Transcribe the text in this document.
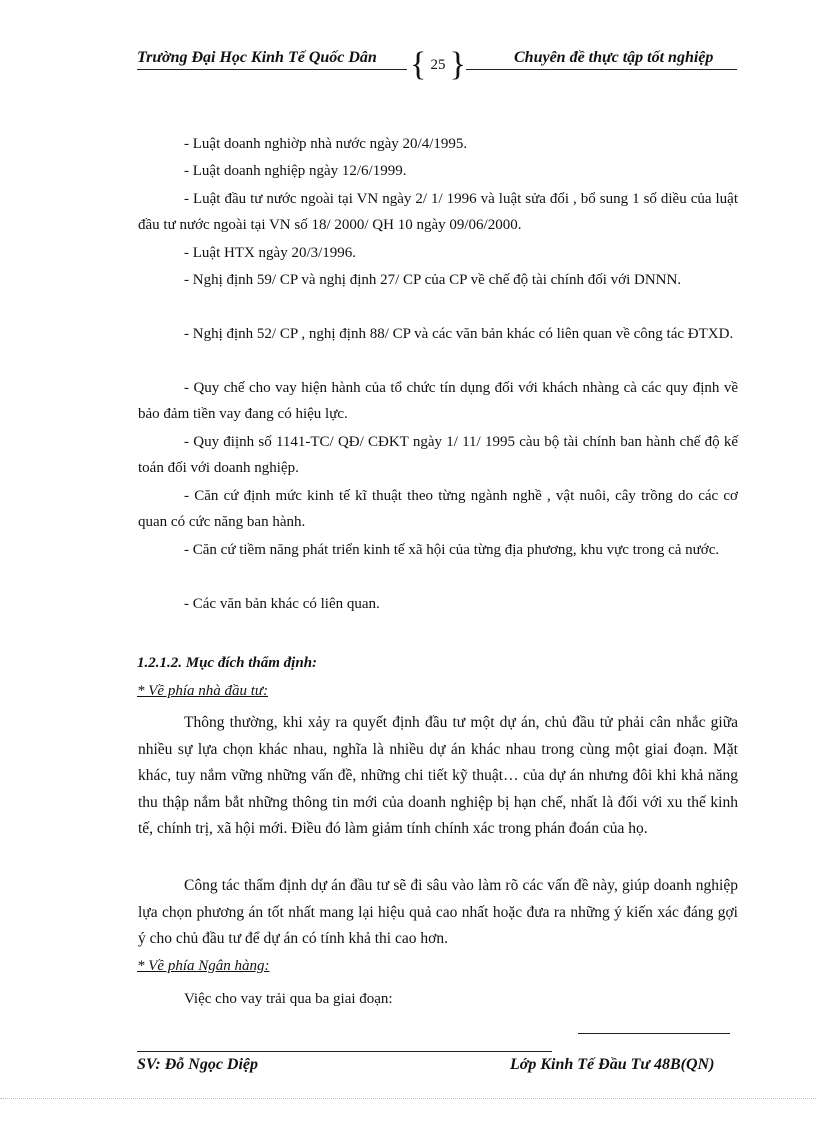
Trường Đại Học Kinh Tế Quốc Dân { 25 }	Chuyên đề thực tập tốt nghiệp
- Luật doanh nghiờp nhà nước ngày 20/4/1995.
- Luật doanh nghiệp ngày 12/6/1999.
- Luật đầu tư nước ngoài tại VN ngày 2/ 1/ 1996 và luật sửa đổi , bổ sung 1 số diều của luật đầu tư nước ngoài tại VN số 18/ 2000/ QH 10 ngày 09/06/2000.
- Luật HTX ngày 20/3/1996.
- Nghị định 59/ CP và nghị định 27/ CP của CP về chế độ tài chính đối với DNNN.
- Nghị định 52/ CP , nghị định 88/ CP và các văn bản khác có liên quan về công tác ĐTXD.
- Quy chế cho vay hiện hành của tổ chức tín dụng đối với khách nhàng cà các quy định về bảo đảm tiền vay đang có hiệu lực.
- Quy điịnh số 1141-TC/ QĐ/ CĐKT ngày 1/ 11/ 1995 càu bộ tài chính ban hành chế độ kế toán đối với doanh nghiệp.
- Căn cứ định mức kinh tế kĩ thuật theo từng ngành nghề , vật nuôi, cây trồng do các cơ quan có cức năng ban hành.
- Căn cứ tiềm năng phát triển kinh tế xã hội của từng địa phương, khu vực trong cả nước.
- Các văn bản khác có liên quan.
1.2.1.2. Mục đích thẩm định:
* Về phía nhà đầu tư:
Thông thường, khi xảy ra quyết định đầu tư một dự án, chủ đầu tử phải cân nhắc giữa nhiều sự lựa chọn khác nhau, nghĩa là nhiều dự án khác nhau trong cùng một giai đoạn. Mặt khác, tuy nắm vững những vấn đề, những chi tiết kỹ thuật… của dự án nhưng đôi khi khả năng thu thập nắm bắt những thông tin mới của doanh nghiệp bị hạn chế, nhất là đối với xu thế kinh tế, chính trị, xã hội mới. Điều đó làm giảm tính chính xác trong phán đoán của họ.
Công tác thẩm định dự án đầu tư sẽ đi sâu vào làm rõ các vấn đề này, giúp doanh nghiệp lựa chọn phương án tốt nhất mang lại hiệu quả cao nhất hoặc đưa ra những ý kiến xác đáng gợi ý cho chủ đầu tư để dự án có tính khả thi cao hơn.
* Về phía Ngân hàng:
Việc cho vay trải qua ba giai đoạn:
SV: Đỗ Ngọc Diệp	Lớp Kinh Tế Đầu Tư 48B(QN)
